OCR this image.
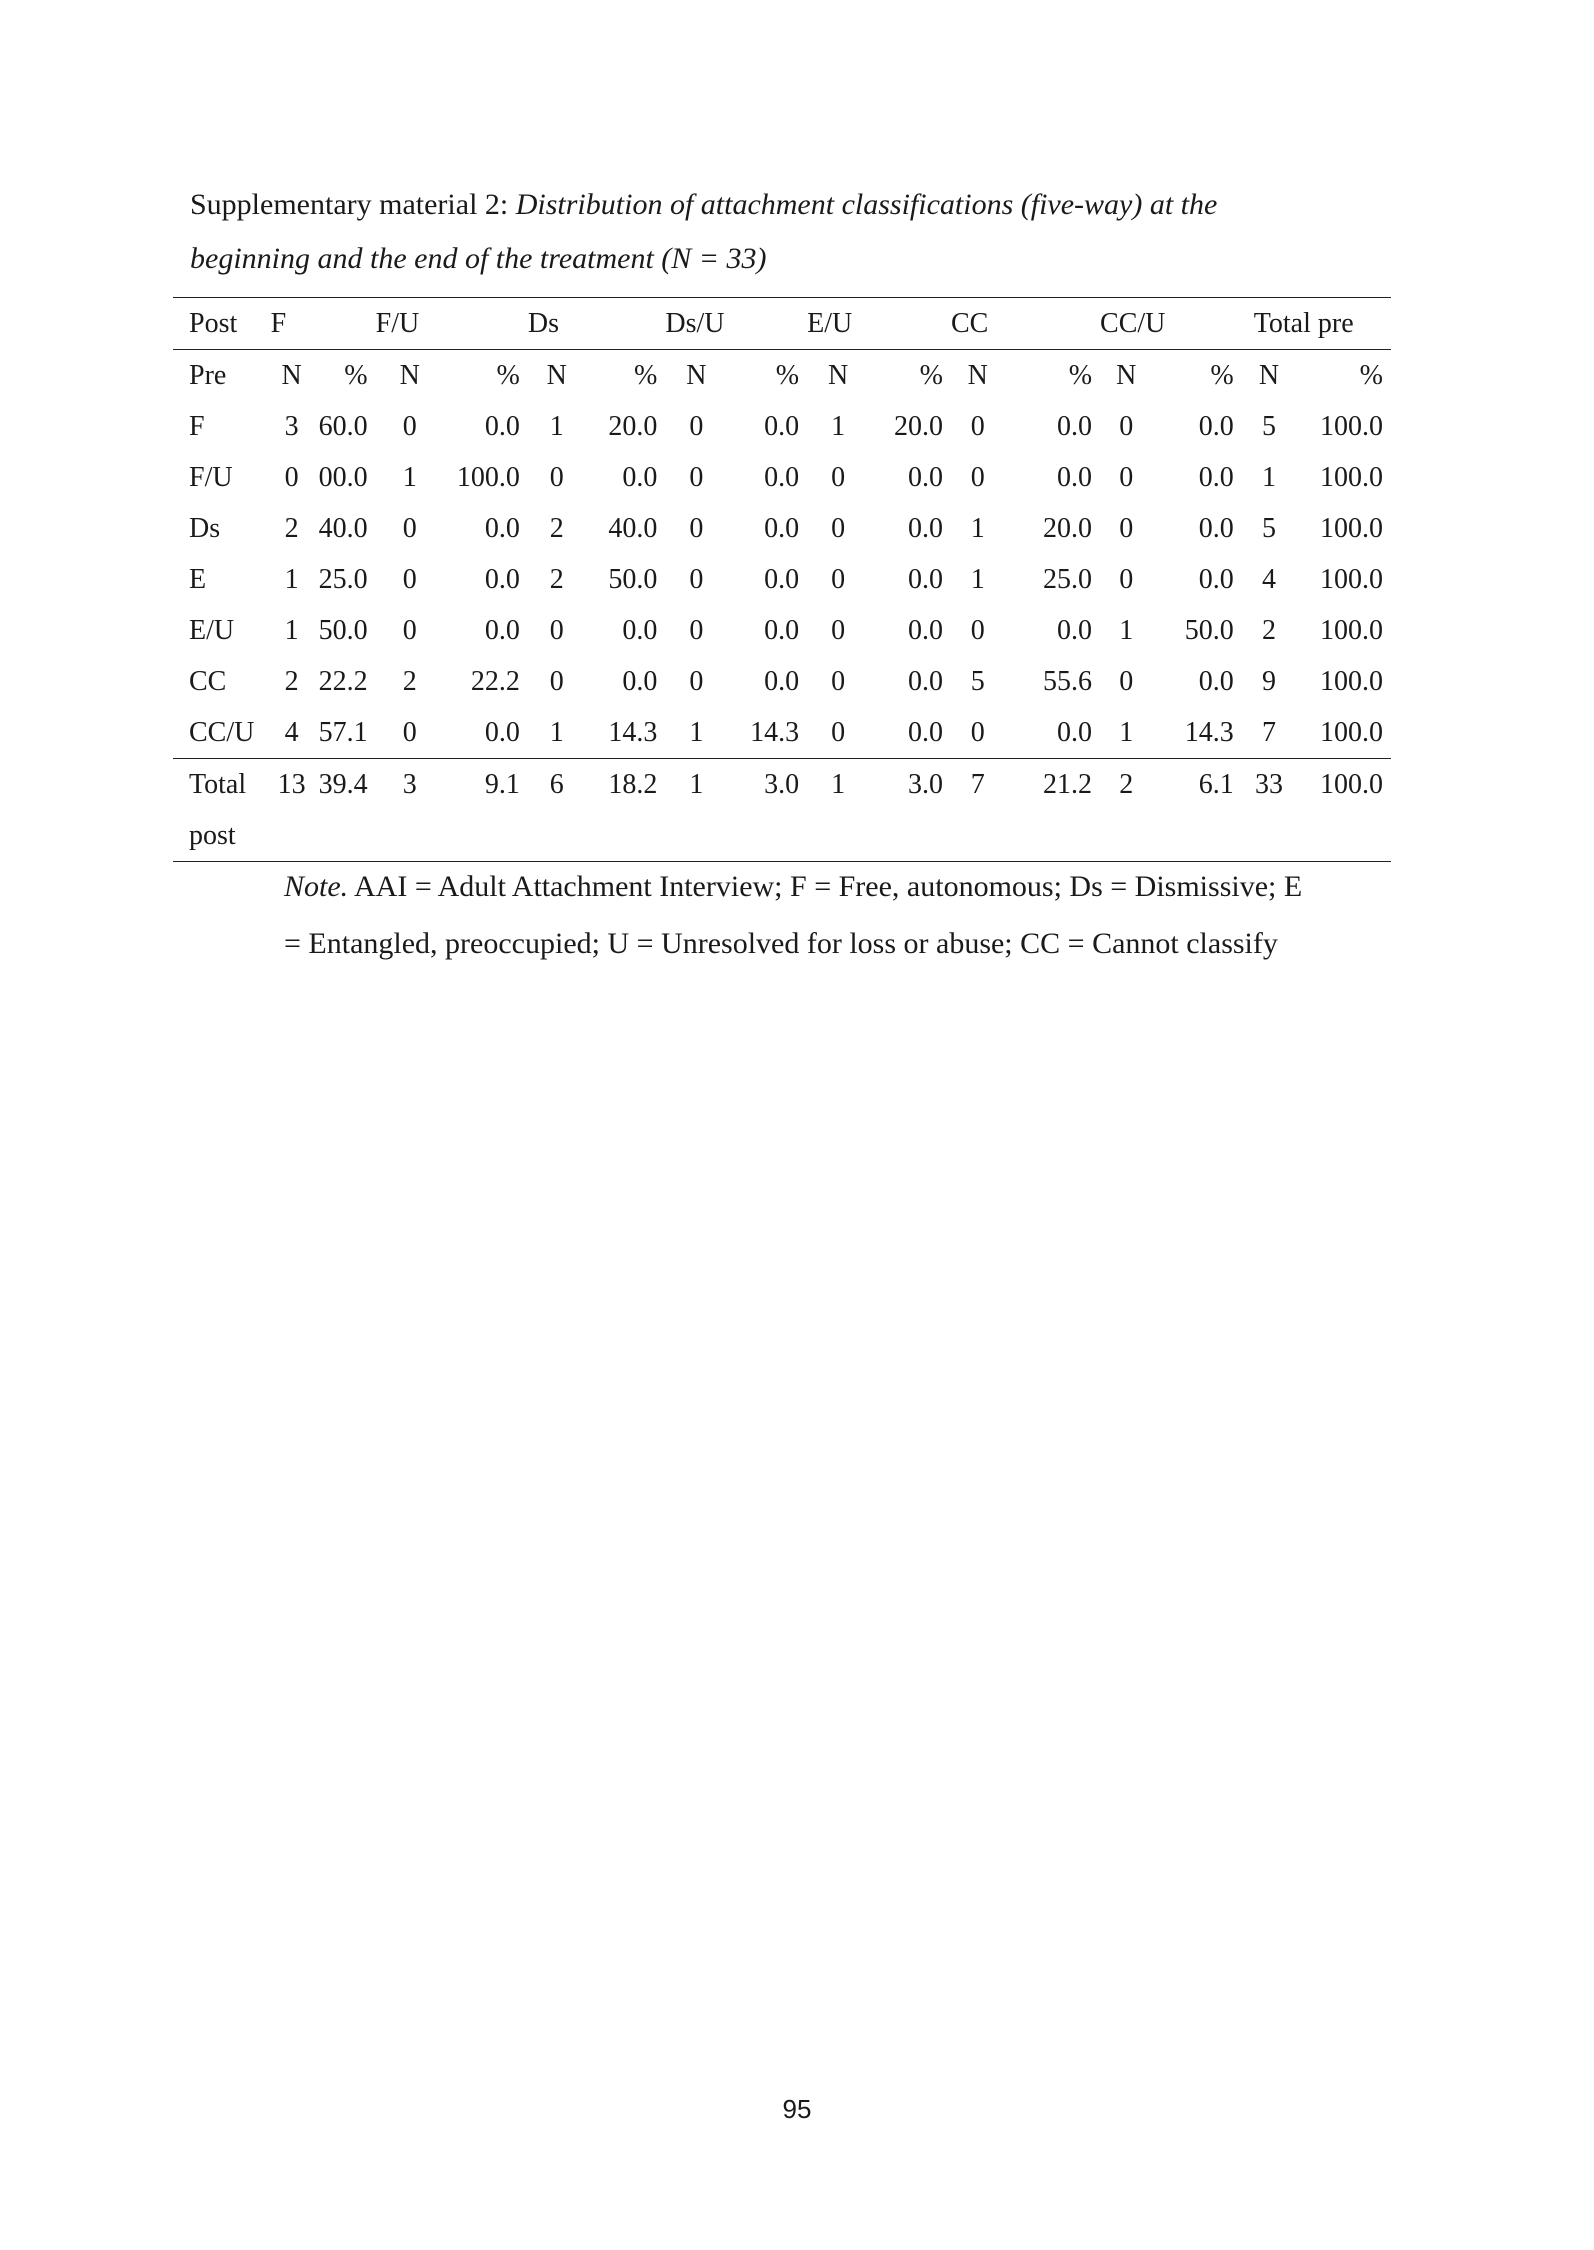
Supplementary material 2: Distribution of attachment classifications (five-way) at the
beginning and the end of the treatment (N = 33)
Post	F		F/U		Ds		Ds/U		E/U		CC		CC/U		Total pre	
Pre	N	%	N	%	N	%	N	%	N	%	N	%	N	%	N	%
F	3	60.0	0	0.0	1	20.0	0	0.0	1	20.0	0	0.0	0	0.0	5	100.0
F/U	0	00.0	1	100.0	0	0.0	0	0.0	0	0.0	0	0.0	0	0.0	1	100.0
Ds	2	40.0	0	0.0	2	40.0	0	0.0	0	0.0	1	20.0	0	0.0	5	100.0
E	1	25.0	0	0.0	2	50.0	0	0.0	0	0.0	1	25.0	0	0.0	4	100.0
E/U	1	50.0	0	0.0	0	0.0	0	0.0	0	0.0	0	0.0	1	50.0	2	100.0
CC	2	22.2	2	22.2	0	0.0	0	0.0	0	0.0	5	55.6	0	0.0	9	100.0
CC/U	4	57.1	0	0.0	1	14.3	1	14.3	0	0.0	0	0.0	1	14.3	7	100.0
Total	13	39.4	3	9.1	6	18.2	1	3.0	1	3.0	7	21.2	2	6.1	33	100.0
post																
Note. AAI = Adult Attachment Interview; F = Free, autonomous; Ds = Dismissive; E
= Entangled, preoccupied; U = Unresolved for loss or abuse; CC = Cannot classify
95
